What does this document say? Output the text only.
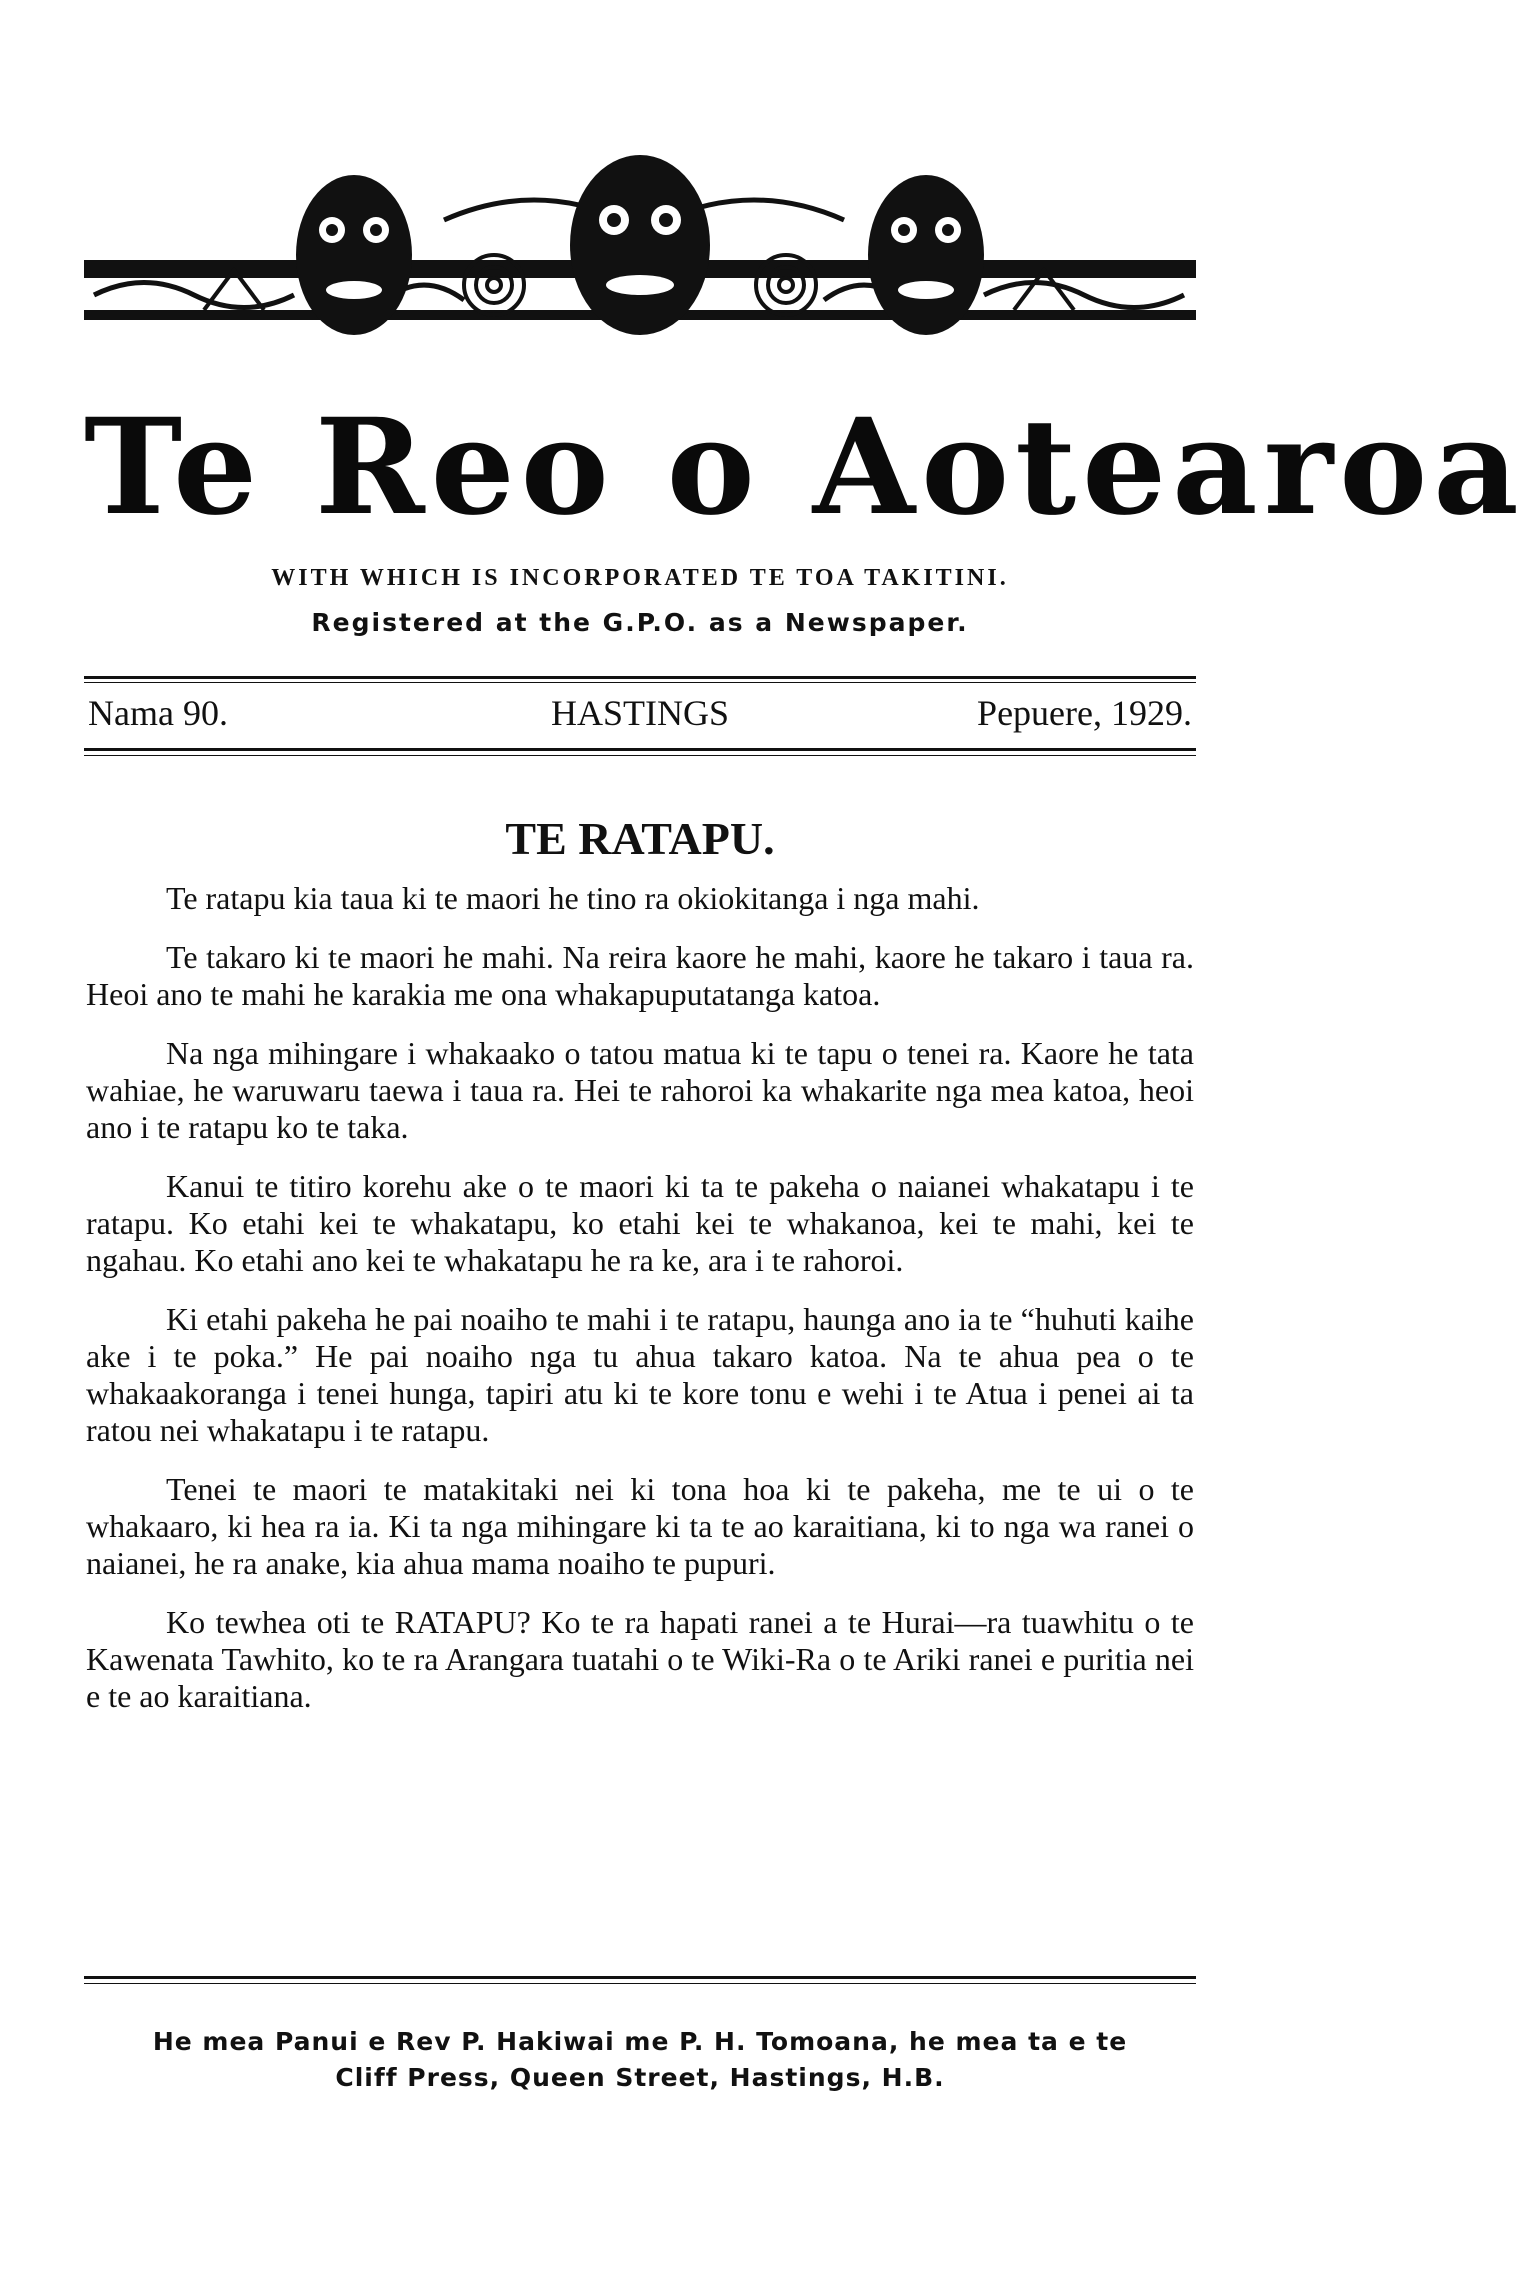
Te Reo o Aotearoa
WITH WHICH IS INCORPORATED TE TOA TAKITINI.
Registered at the G.P.O. as a Newspaper.
Nama 90.	HASTINGS	Pepuere, 1929.
TE RATAPU.

Te ratapu kia taua ki te maori he tino ra okiokitanga i nga mahi.

Te takaro ki te maori he mahi. Na reira kaore he mahi, kaore he takaro i taua ra. Heoi ano te mahi he karakia me ona whakapuputatanga katoa.

Na nga mihingare i whakaako o tatou matua ki te tapu o tenei ra. Kaore he tata wahiae, he waruwaru taewa i taua ra. Hei te rahoroi ka whakarite nga mea katoa, heoi ano i te ratapu ko te taka.

Kanui te titiro korehu ake o te maori ki ta te pakeha o naianei whakatapu i te ratapu. Ko etahi kei te whakatapu, ko etahi kei te whakanoa, kei te mahi, kei te ngahau. Ko etahi ano kei te whakatapu he ra ke, ara i te rahoroi.

Ki etahi pakeha he pai noaiho te mahi i te ratapu, haunga ano ia te “huhuti kaihe ake i te poka.” He pai noaiho nga tu ahua takaro katoa. Na te ahua pea o te whakaakoranga i tenei hunga, tapiri atu ki te kore tonu e wehi i te Atua i penei ai ta ratou nei whakatapu i te ratapu.

Tenei te maori te matakitaki nei ki tona hoa ki te pakeha, me te ui o te whakaaro, ki hea ra ia. Ki ta nga mihingare ki ta te ao karaitiana, ki to nga wa ranei o naianei, he ra anake, kia ahua mama noaiho te pupuri.

Ko tewhea oti te RATAPU? Ko te ra hapati ranei a te Hurai—ra tuawhitu o te Kawenata Tawhito, ko te ra Arangara tuatahi o te Wiki-Ra o te Ariki ranei e puritia nei e te ao karaitiana.

He mea Panui e Rev P. Hakiwai me P. H. Tomoana, he mea ta e te
Cliff Press, Queen Street, Hastings, H.B.
